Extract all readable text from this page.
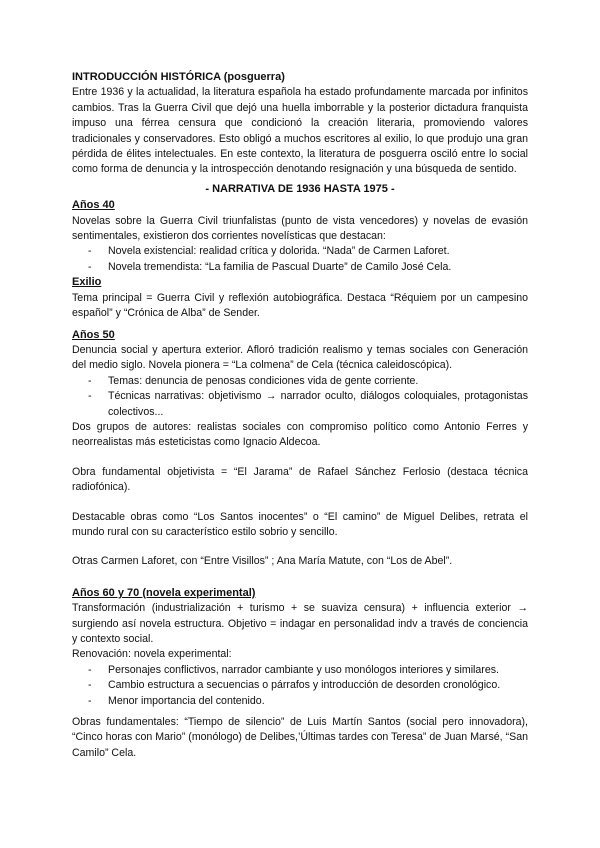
INTRODUCCIÓN HISTÓRICA (posguerra)

Entre 1936 y la actualidad, la literatura española ha estado profundamente marcada por infinitos cambios. Tras la Guerra Civil que dejó una huella imborrable y la posterior dictadura franquista impuso una férrea censura que condicionó la creación literaria, promoviendo valores tradicionales y conservadores. Esto obligó a muchos escritores al exilio, lo que produjo una gran pérdida de élites intelectuales. En este contexto, la literatura de posguerra osciló entre lo social como forma de denuncia y la introspección denotando resignación y una búsqueda de sentido.

- NARRATIVA DE 1936 HASTA 1975 -
Años 40

Novelas sobre la Guerra Civil triunfalistas (punto de vista vencedores) y novelas de evasión sentimentales, existieron dos corrientes novelísticas que destacan:

- Novela existencial: realidad crítica y dolorida. “Nada” de Carmen Laforet.
- Novela tremendista: “La familia de Pascual Duarte” de Camilo José Cela.
Exilio

Tema principal = Guerra Civil y reflexión autobiográfica. Destaca “Réquiem por un campesino español” y “Crónica de Alba” de Sender.

Años 50

Denuncia social y apertura exterior. Afloró tradición realismo y temas sociales con Generación del medio siglo. Novela pionera = “La colmena” de Cela (técnica caleidoscópica).

- Temas: denuncia de penosas condiciones vida de gente corriente.
- Técnicas narrativas: objetivismo → narrador oculto, diálogos coloquiales, protagonistas colectivos...

Dos grupos de autores: realistas sociales con compromiso político como Antonio Ferres y neorrealistas más esteticistas como Ignacio Aldecoa.

Obra fundamental objetivista = “El Jarama” de Rafael Sánchez Ferlosio (destaca técnica radiofónica).

Destacable obras como “Los Santos inocentes” o “El camino” de Miguel Delibes, retrata el mundo rural con su característico estilo sobrio y sencillo.

Otras Carmen Laforet, con “Entre Visillos” ; Ana María Matute, con “Los de Abel”.

Años 60 y 70 (novela experimental)

Transformación (industrialización + turismo + se suaviza censura) + influencia exterior → surgiendo así novela estructura. Objetivo = indagar en personalidad indv a través de conciencia y contexto social.

Renovación: novela experimental:

- Personajes conflictivos, narrador cambiante y uso monólogos interiores y similares.
- Cambio estructura a secuencias o párrafos y introducción de desorden cronológico.
- Menor importancia del contenido.

Obras fundamentales: “Tiempo de silencio” de Luis Martín Santos (social pero innovadora), “Cinco horas con Mario” (monólogo) de Delibes,’Últimas tardes con Teresa” de Juan Marsé, “San Camilo” Cela.
